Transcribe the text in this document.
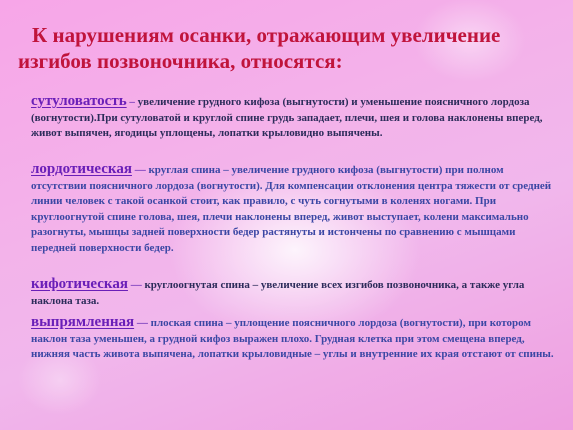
К нарушениям осанки, отражающим увеличение изгибов позвоночника, относятся:

сутуловатость – увеличение грудного кифоза (выгнутости) и уменьшение поясничного лордоза (вогнутости).При сутуловатой и круглой спине грудь западает, плечи, шея и голова наклонены вперед, живот выпячен, ягодицы уплощены, лопатки крыловидно выпячены.

лордотическая — круглая спина – увеличение грудного кифоза (выгнутости) при полном отсутствии поясничного лордоза (вогнутости). Для компенсации отклонения центра тяжести от средней линии человек с такой осанкой стоит, как правило, с чуть согнутыми в коленях ногами. При круглоогнутой спине голова, шея, плечи наклонены вперед, живот выступает, колени максимально разогнуты, мышцы задней поверхности бедер растянуты и истончены по сравнению с мышцами передней поверхности бедер.

кифотическая — круглоогнутая спина – увеличение всех изгибов позвоночника, а также угла наклона таза.

выпрямленная — плоская спина – уплощение поясничного лордоза (вогнутости), при котором наклон таза уменьшен, а грудной кифоз выражен плохо. Грудная клетка при этом смещена вперед, нижняя часть живота выпячена, лопатки крыловидные – углы и внутренние их края отстают от спины.
